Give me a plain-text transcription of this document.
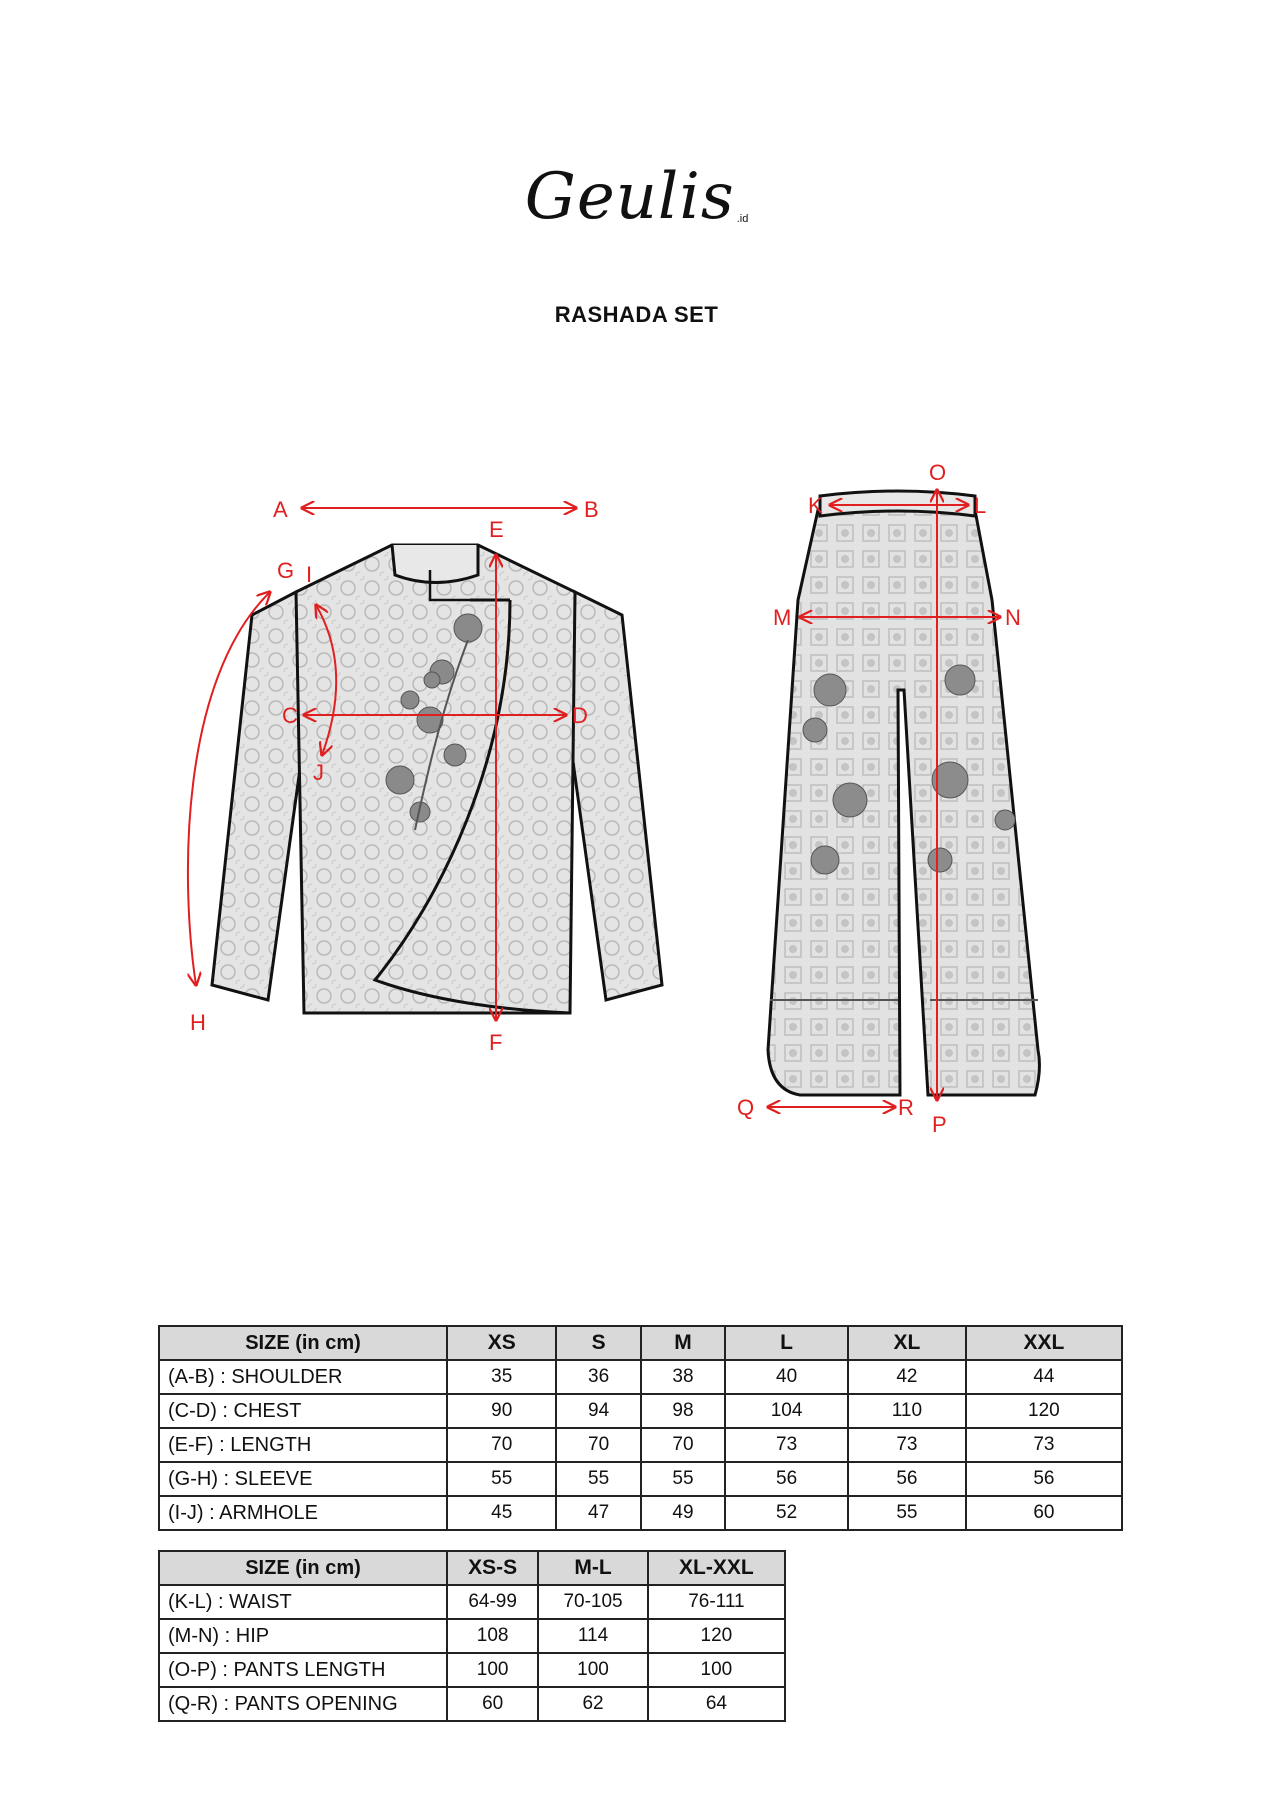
Geulis $_{.id}$
RASHADA SET
A	B
C	D
E
F
G
H
I
J
K	L
M	N
O
P
Q	R
SIZE (in cm)	XS	S	M	L	XL	XXL
(A-B) : SHOULDER	35	36	38	40	42	44
(C-D) : CHEST	90	94	98	104	110	120
(E-F) : LENGTH	70	70	70	73	73	73
(G-H) : SLEEVE	55	55	55	56	56	56
(I-J) : ARMHOLE	45	47	49	52	55	60
SIZE (in cm)	XS-S	M-L	XL-XXL
(K-L) : WAIST	64-99	70-105	76-111
(M-N) : HIP	108	114	120
(O-P) : PANTS LENGTH	100	100	100
(Q-R) : PANTS OPENING	60	62	64
